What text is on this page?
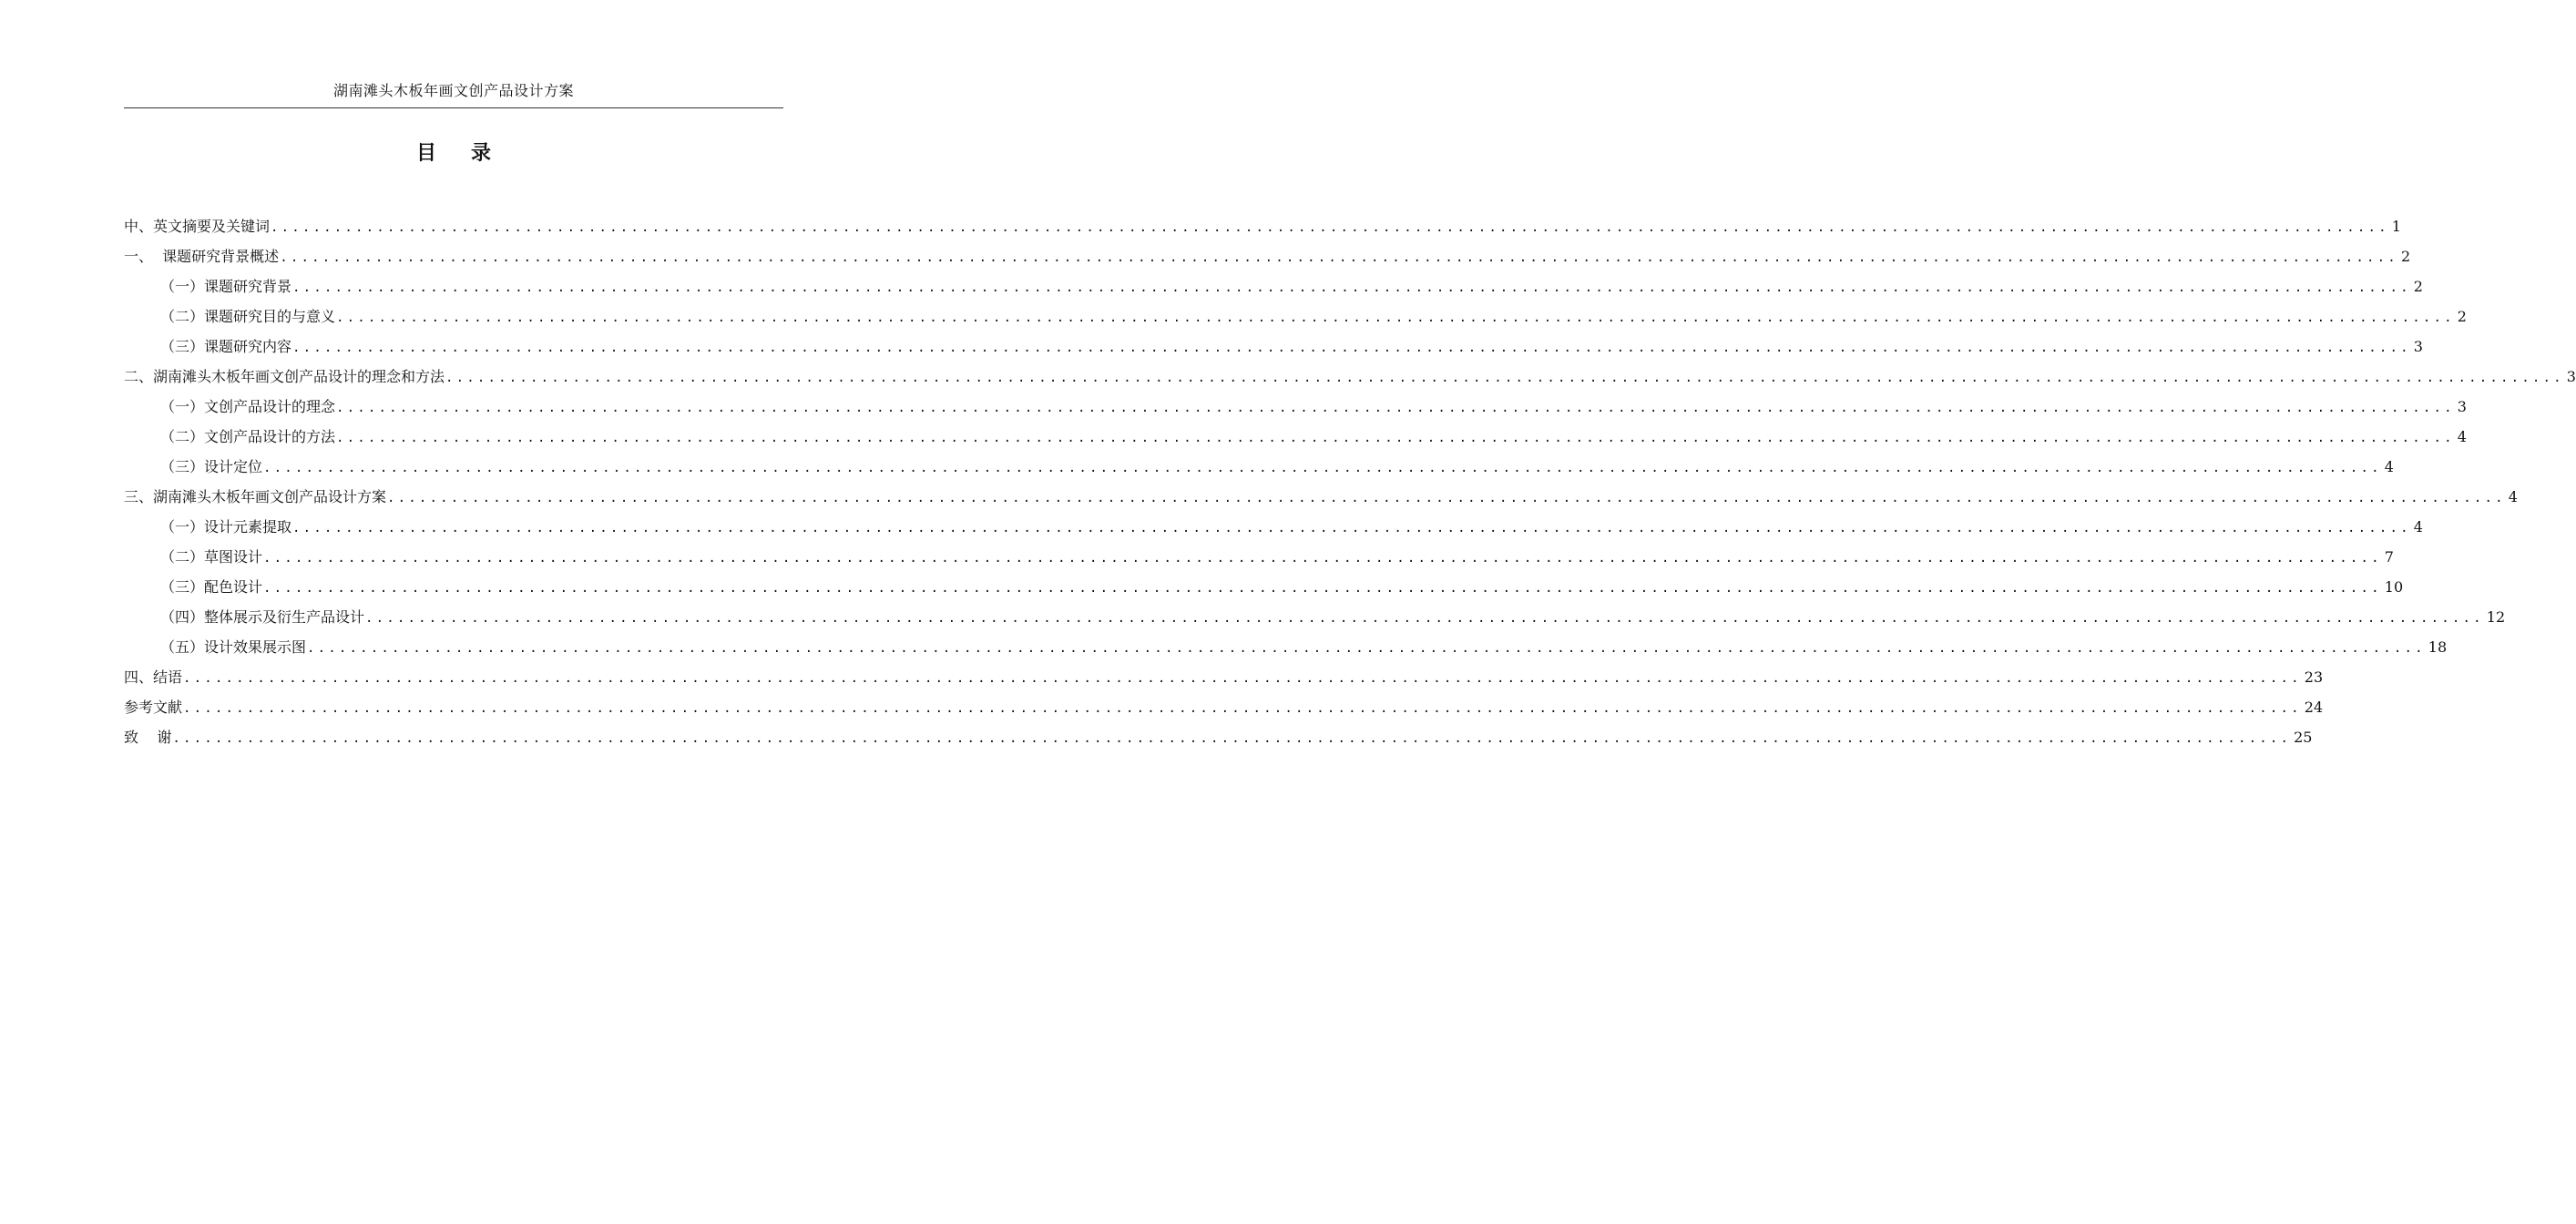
湖南滩头木板年画文创产品设计方案
目录
中、英文摘要及关键词 ........................................................................................................................................................................................................ 1
一、  课题研究背景概述 ........................................................................................................................................................................................................ 2
（一）课题研究背景 ........................................................................................................................................................................................................ 2
（二）课题研究目的与意义 ........................................................................................................................................................................................................ 2
（三）课题研究内容 ........................................................................................................................................................................................................ 3
二、湖南滩头木板年画文创产品设计的理念和方法 ........................................................................................................................................................................................................ 3
（一）文创产品设计的理念 ........................................................................................................................................................................................................ 3
（二）文创产品设计的方法 ........................................................................................................................................................................................................ 4
（三）设计定位 ........................................................................................................................................................................................................ 4
三、湖南滩头木板年画文创产品设计方案 ........................................................................................................................................................................................................ 4
（一）设计元素提取 ........................................................................................................................................................................................................ 4
（二）草图设计 ........................................................................................................................................................................................................ 7
（三）配色设计 ........................................................................................................................................................................................................ 10
（四）整体展示及衍生产品设计 ........................................................................................................................................................................................................ 12
（五）设计效果展示图 ........................................................................................................................................................................................................ 18
四、结语 ........................................................................................................................................................................................................ 23
参考文献 ........................................................................................................................................................................................................ 24
致    谢 ........................................................................................................................................................................................................ 25
